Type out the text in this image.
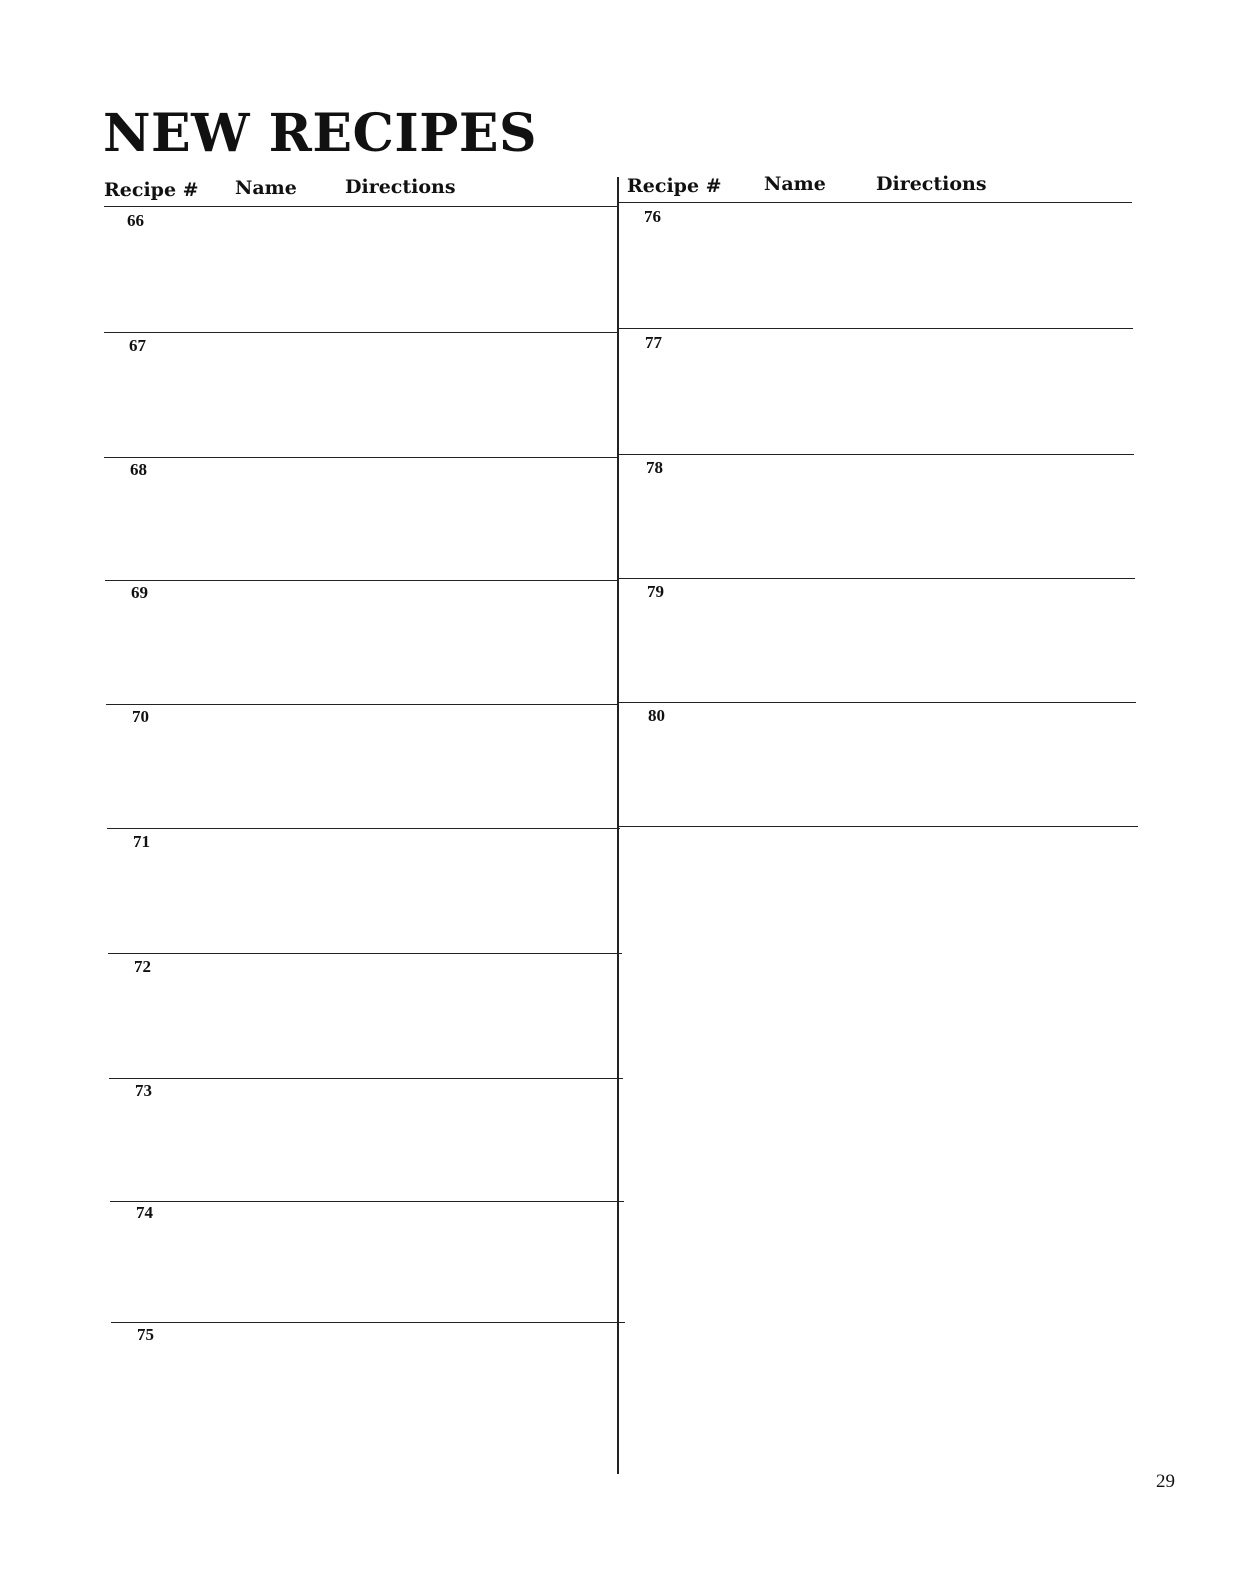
NEW RECIPES
Recipe # Name	Directions	Recipe # Name	Directions
66
67
68
69
70
71
72
73
74
75
76
77
78
79
80
29
